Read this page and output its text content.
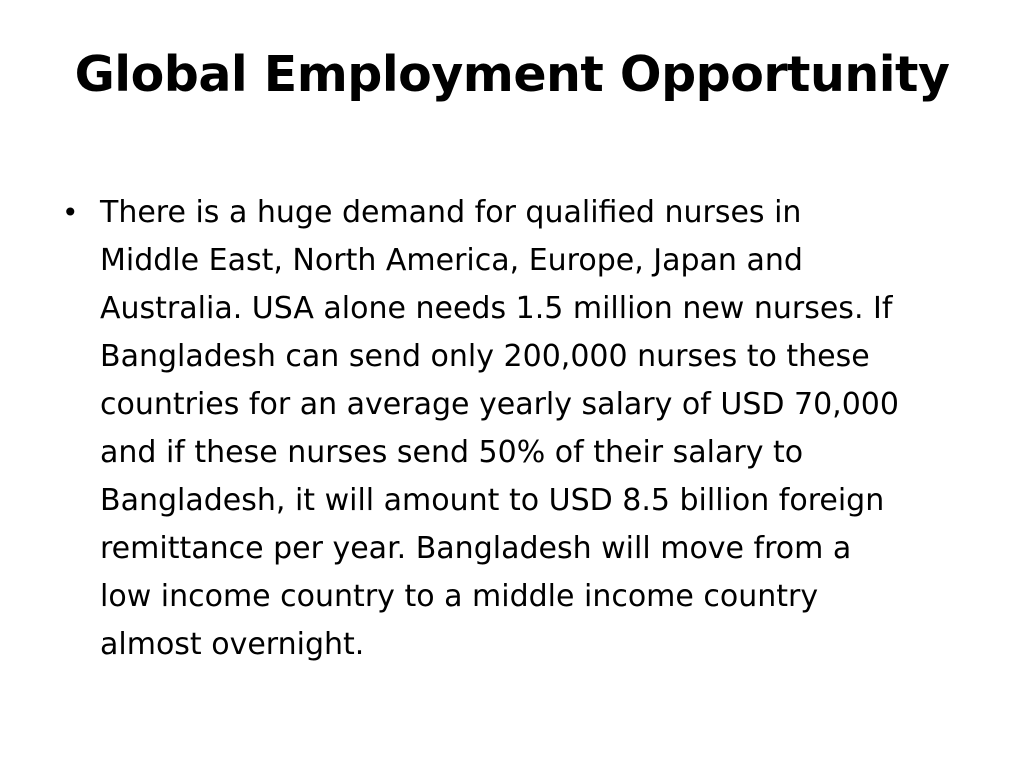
Global Employment Opportunity
• There is a huge demand for qualified nurses in
Middle East, North America, Europe, Japan and
Australia. USA alone needs 1.5 million new nurses. If
Bangladesh can send only 200,000 nurses to these
countries for an average yearly salary of USD 70,000
and if these nurses send 50% of their salary to
Bangladesh, it will amount to USD 8.5 billion foreign
remittance per year. Bangladesh will move from a
low income country to a middle income country
almost overnight.
